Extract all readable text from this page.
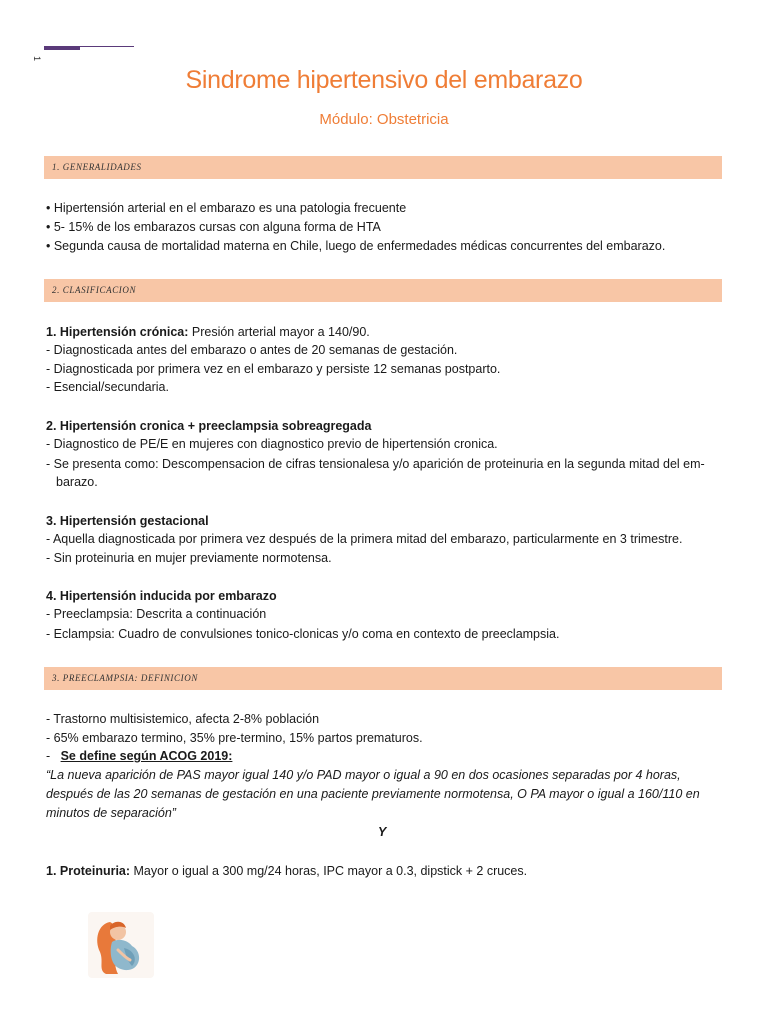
1
Sindrome hipertensivo del embarazo
Módulo: Obstetricia
1. GENERALIDADES
• Hipertensión arterial en el embarazo es una patologia frecuente
• 5- 15% de los embarazos cursas con alguna forma de HTA
• Segunda causa de mortalidad materna en Chile, luego de enfermedades médicas concurrentes del embarazo.
2. CLASIFICACION
1. Hipertensión crónica: Presión arterial mayor a 140/90.
- Diagnosticada antes del embarazo o antes de 20 semanas de gestación.
- Diagnosticada por primera vez en el embarazo y persiste 12 semanas postparto.
- Esencial/secundaria.
2. Hipertensión cronica + preeclampsia sobreagregada
- Diagnostico de PE/E en mujeres con diagnostico previo de hipertensión cronica.
- Se presenta como: Descompensacion de cifras tensionalesa y/o aparición de proteinuria en la segunda mitad del em-
barazo.
3. Hipertensión gestacional
- Aquella diagnosticada por primera vez después de la primera mitad del embarazo, particularmente en 3 trimestre.
- Sin proteinuria en mujer previamente normotensa.
4. Hipertensión inducida por embarazo
- Preeclampsia: Descrita a continuación
- Eclampsia: Cuadro de convulsiones tonico-clonicas y/o coma en contexto de preeclampsia.
3. PREECLAMPSIA: DEFINICION
- Trastorno multisistemico, afecta 2-8% población
- 65% embarazo termino, 35% pre-termino, 15% partos prematuros.
-   Se define según ACOG 2019:
“La nueva aparición de PAS mayor igual 140 y/o PAD mayor o igual a 90 en dos ocasiones separadas por 4 horas, después de las 20 semanas de gestación en una paciente previamente normotensa, O PA mayor o igual a 160/110 en minutos de separación”
Y
1. Proteinuria: Mayor o igual a 300 mg/24 horas, IPC mayor a 0.3, dipstick + 2 cruces.
